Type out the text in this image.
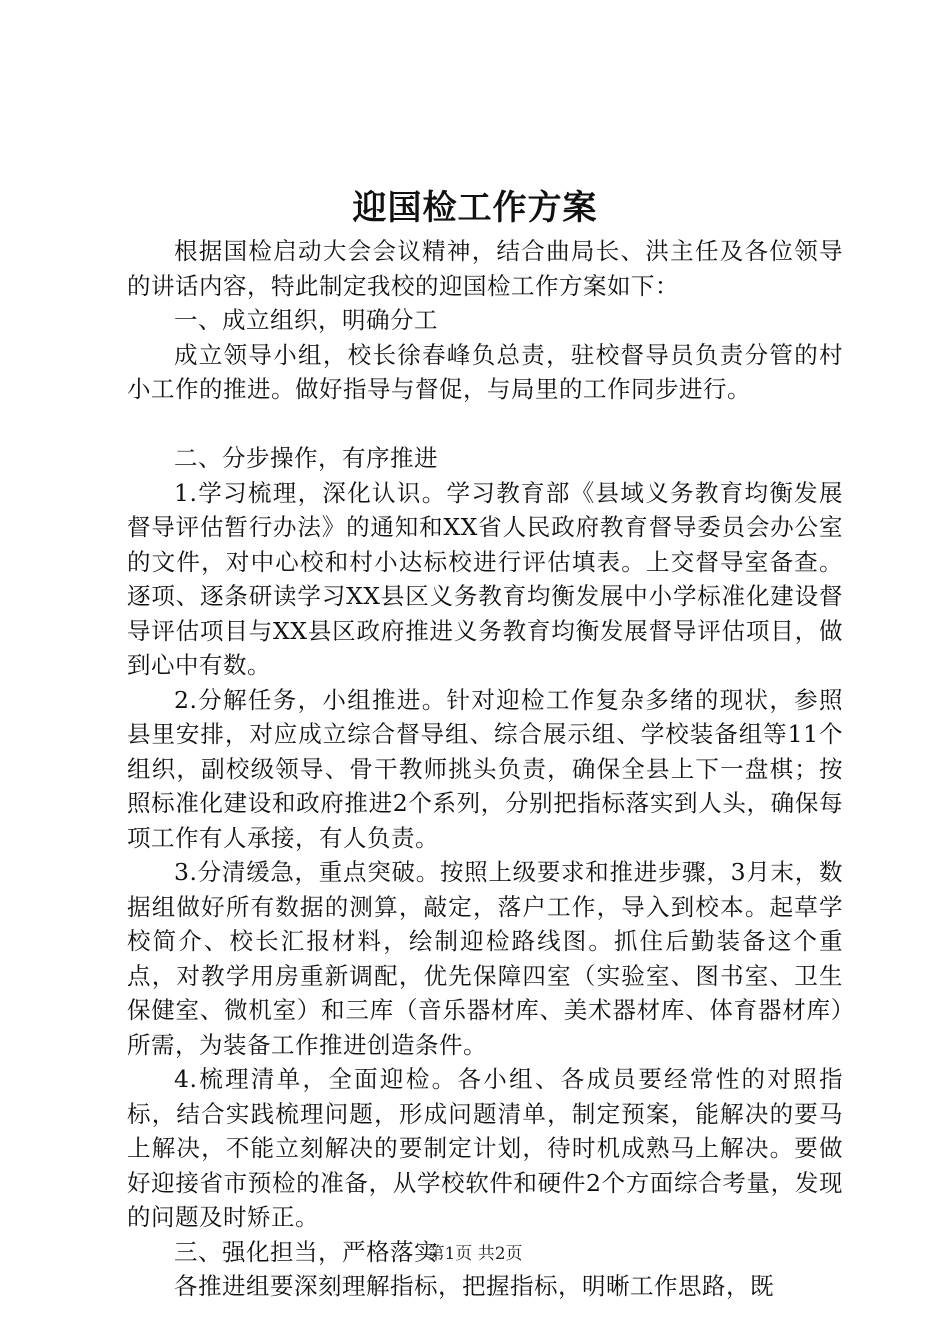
迎国检工作方案

根据国检启动大会会议精神，结合曲局长、洪主任及各位领导的讲话内容，特此制定我校的迎国检工作方案如下：

一、成立组织，明确分工

成立领导小组，校长徐春峰负总责，驻校督导员负责分管的村小工作的推进。做好指导与督促，与局里的工作同步进行。

二、分步操作，有序推进

1.学习梳理，深化认识。学习教育部《县域义务教育均衡发展督导评估暂行办法》的通知和XX省人民政府教育督导委员会办公室的文件，对中心校和村小达标校进行评估填表。上交督导室备查。逐项、逐条研读学习XX县区义务教育均衡发展中小学标准化建设督导评估项目与XX县区政府推进义务教育均衡发展督导评估项目，做到心中有数。

2.分解任务，小组推进。针对迎检工作复杂多绪的现状，参照县里安排，对应成立综合督导组、综合展示组、学校装备组等11个组织，副校级领导、骨干教师挑头负责，确保全县上下一盘棋；按照标准化建设和政府推进2个系列，分别把指标落实到人头，确保每项工作有人承接，有人负责。

3.分清缓急，重点突破。按照上级要求和推进步骤，3月末，数据组做好所有数据的测算，敲定，落户工作，导入到校本。起草学校简介、校长汇报材料，绘制迎检路线图。抓住后勤装备这个重点，对教学用房重新调配，优先保障四室（实验室、图书室、卫生保健室、微机室）和三库（音乐器材库、美术器材库、体育器材库）所需，为装备工作推进创造条件。

4.梳理清单，全面迎检。各小组、各成员要经常性的对照指标，结合实践梳理问题，形成问题清单，制定预案，能解决的要马上解决，不能立刻解决的要制定计划，待时机成熟马上解决。要做好迎接省市预检的准备，从学校软件和硬件2个方面综合考量，发现的问题及时矫正。

三、强化担当，严格落实

各推进组要深刻理解指标，把握指标，明晰工作思路，既

第1页 共2页
